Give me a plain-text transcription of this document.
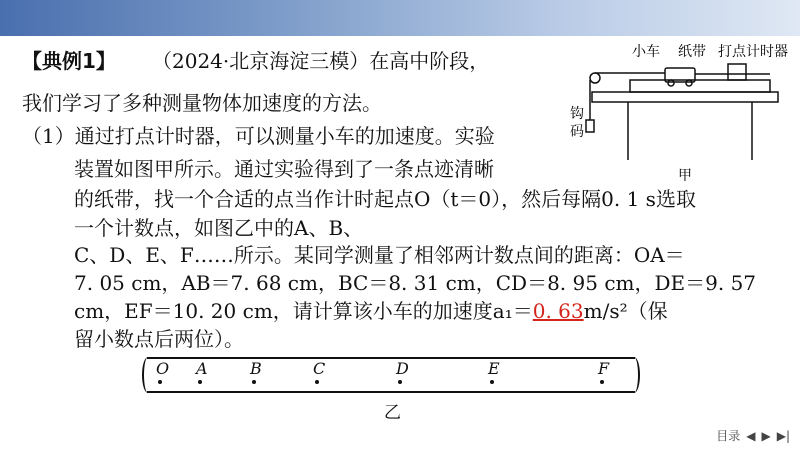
【典例1】 （2024·北京海淀三模）在高中阶段，
我们学习了多种测量物体加速度的方法。
（1）通过打点计时器，可以测量小车的加速度。实验
装置如图甲所示。通过实验得到了一条点迹清晰
的纸带，找一个合适的点当作计时起点O（t＝0），然后每隔0. 1 s选取
一个计数点，如图乙中的A、B、
C、D、E、F……所示。某同学测量了相邻两计数点间的距离：OA＝
7. 05 cm，AB＝7. 68 cm，BC＝8. 31 cm，CD＝8. 95 cm，DE＝9. 57
cm，EF＝10. 20 cm，请计算该小车的加速度a₁＝0. 63m/s²（保
留小数点后两位）。
小车 纸带 打点计时器
钩
码
甲
O A	B	C	D	E	F
乙
目录 ◀ ▶ ▶|
